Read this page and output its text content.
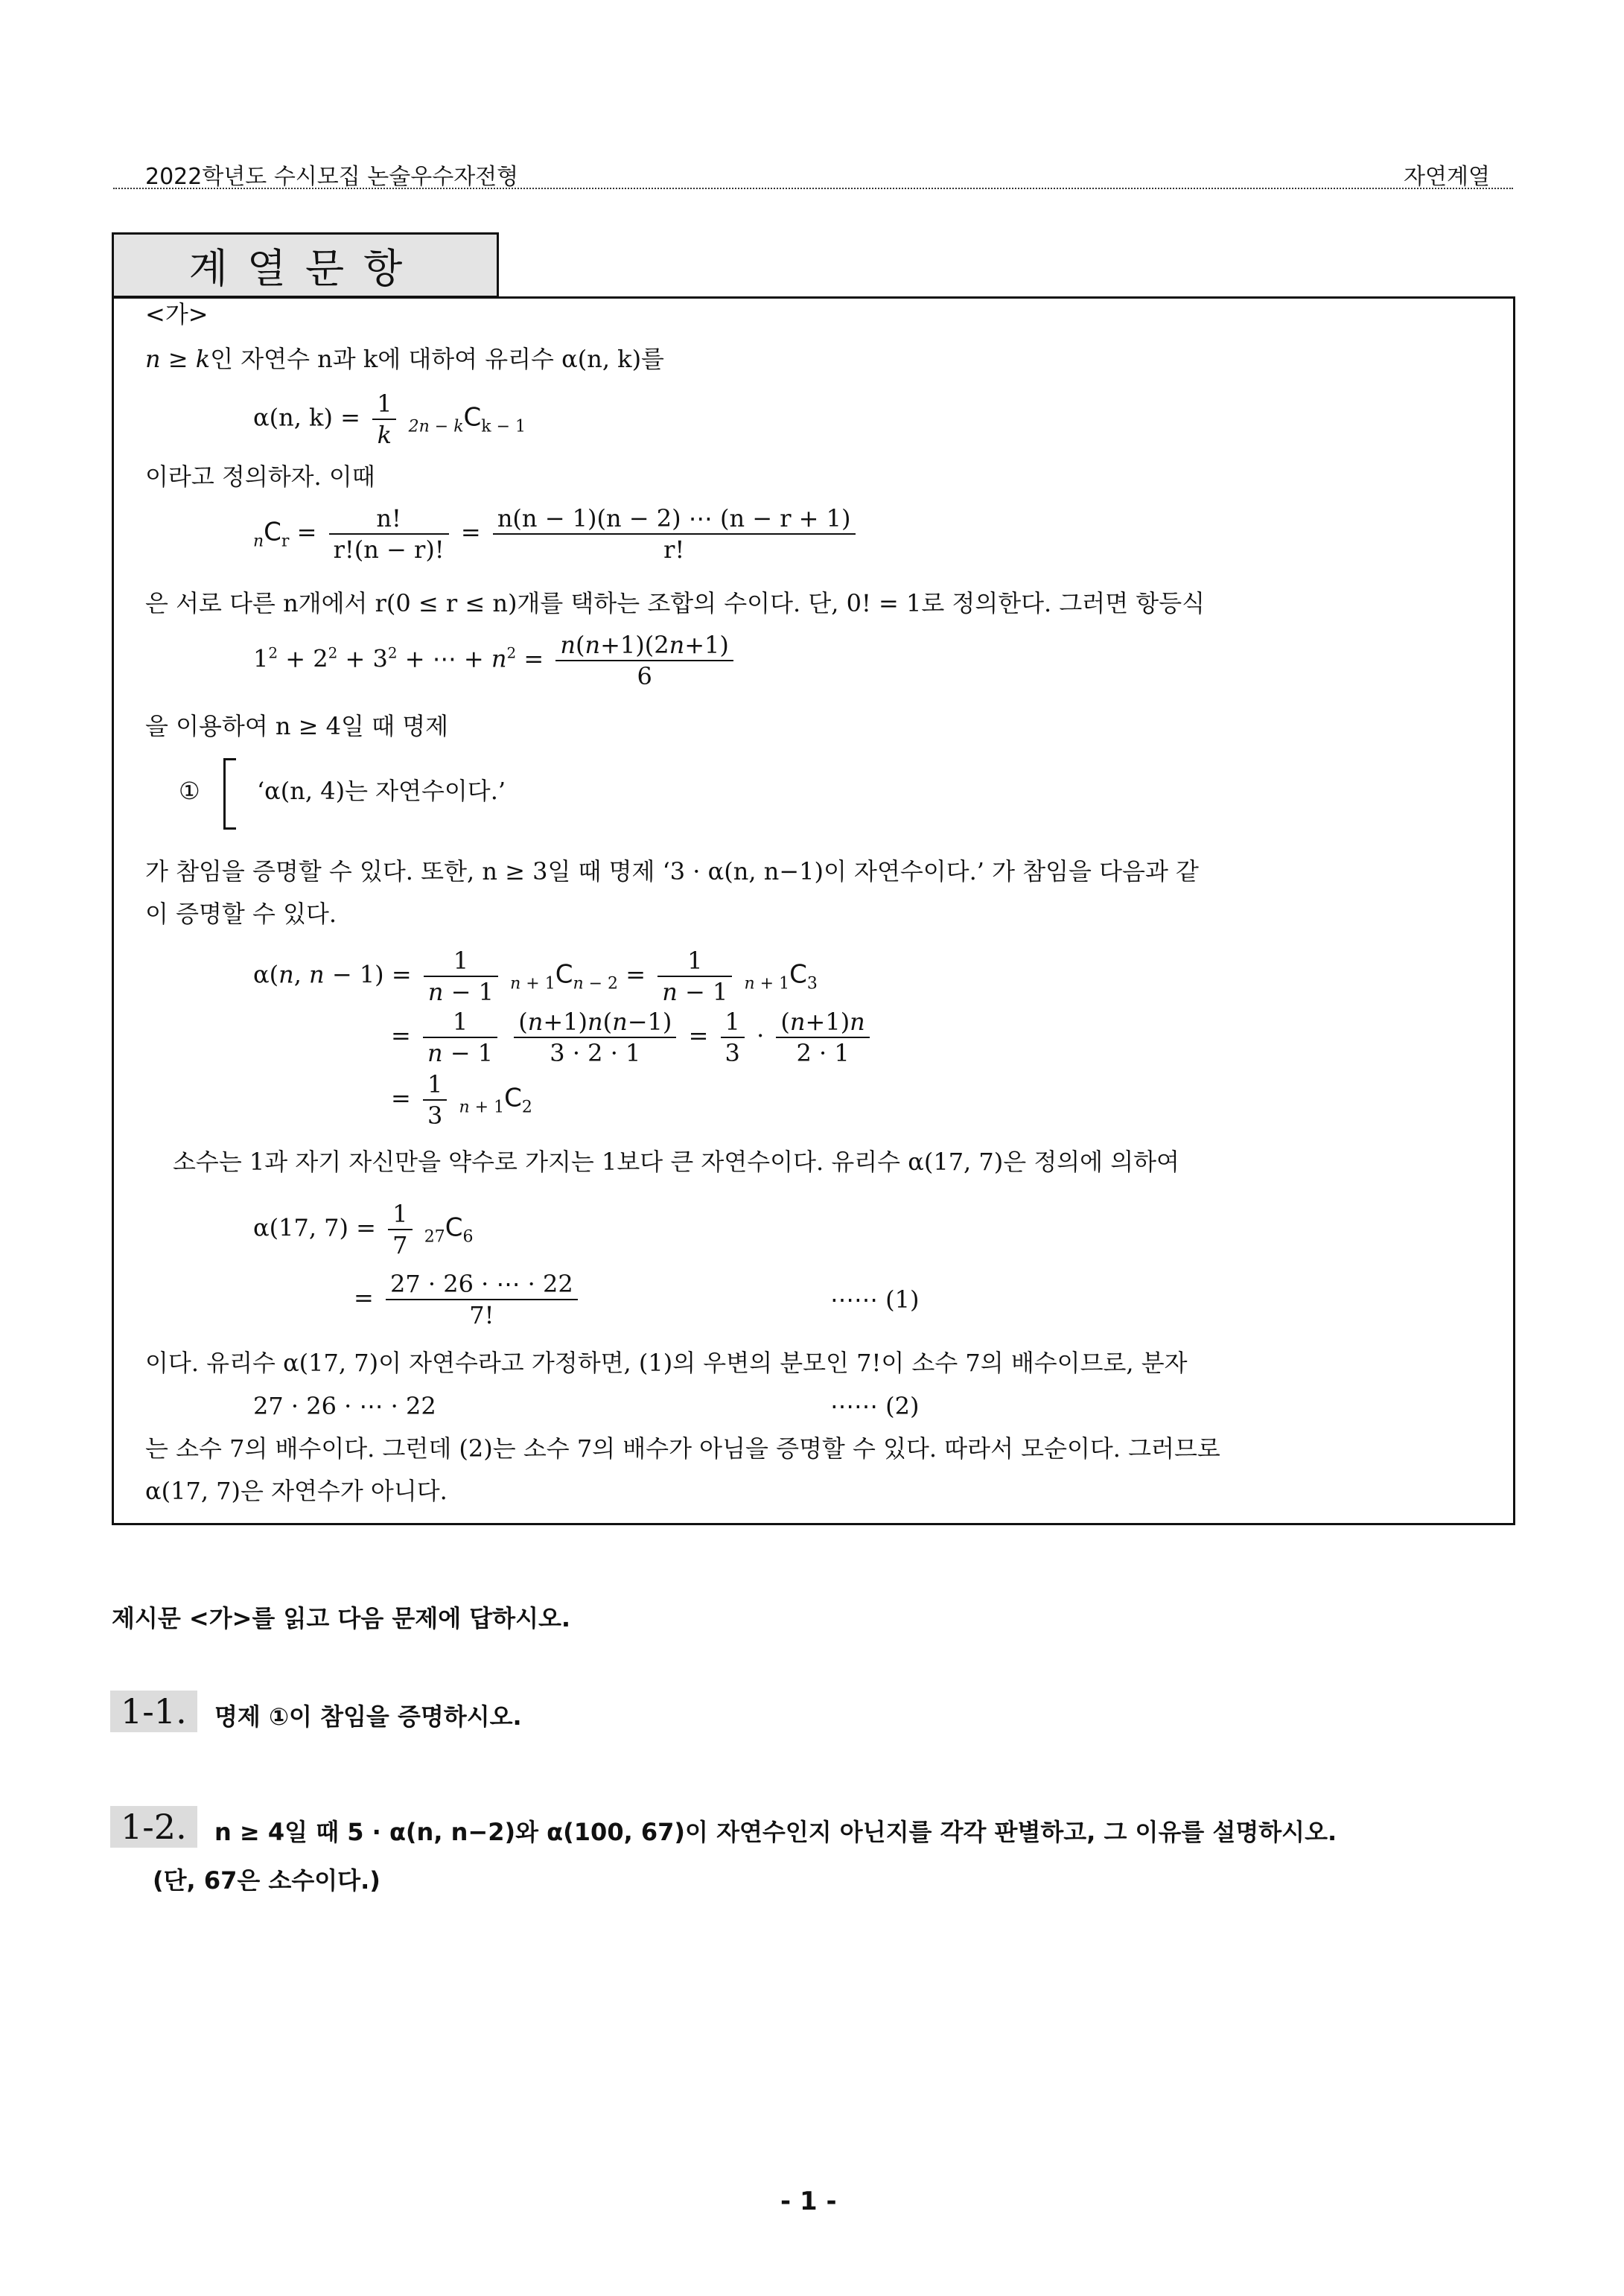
2022학년도 수시모집 논술우수자전형	자연계열
계열문항
<가>
n ≥ k인 자연수 n과 k에 대하여 유리수 α(n, k)를
α(n, $k) = \frac{1}{k} _{2n - k}C_{k - 1}$
이라고 정의하자. 이때
$_nC_r = \frac{n!}{r!(n - r)!} = \frac{n(n - 1)(n - 2) \cdots (n - r + 1)}{r!}$
은 서로 다른 n개에서 r(0 ≤ r ≤ n)개를 택하는 조합의 수이다. 단, 0! = 1로 정의한다. 그러면 항등식
$1^2 + 2^2 + 3^2$ + ⋯ + $n^2 = \frac{n(n+1)(2n+1)}{6}$
을 이용하여 n ≥ 4일 때 명제
① ‘α(n, 4)는 자연수이다.’
가 참임을 증명할 수 있다. 또한, n ≥ 3일 때 명제 ‘3 · α(n, n−1)이 자연수이다.’ 가 참임을 다음과 같
이 증명할 수 있다.
α(n, $n - 1) = \frac{1}{n - 1} _{n + 1}C_{n - 2} = \frac{1}{n - 1} _{n + 1}C_3$
= $\frac{1}{n - 1}$
$\frac{(n+1)n(n-1)}{3 \cdot 2 \cdot 1} = \frac{1}{3} \cdot \frac{(n+1)n}{2 \cdot 1}$
= $\frac{1}{3} _{n + 1}C_2$
소수는 1과 자기 자신만을 약수로 가지는 1보다 큰 자연수이다. 유리수 α(17, 7)은 정의에 의하여
α(17, $7) = \frac{1}{7} _{27}C_6$
= $\frac{27 \cdot 26 \cdot \cdots \cdot 22}{7!}$	⋯⋯ (1)
이다. 유리수 α(17, 7)이 자연수라고 가정하면, (1)의 우변의 분모인 7!이 소수 7의 배수이므로, 분자
27 · 26 · ⋯ · 22	⋯⋯ (2)
는 소수 7의 배수이다. 그런데 (2)는 소수 7의 배수가 아님을 증명할 수 있다. 따라서 모순이다. 그러므로
α(17, 7)은 자연수가 아니다.
제시문 <가>를 읽고 다음 문제에 답하시오.
1-1.	명제 ①이 참임을 증명하시오.
1-2.	n ≥ 4일 때 5 · α(n, n−2)와 α(100, 67)이 자연수인지 아닌지를 각각 판별하고, 그 이유를 설명하시오.
(단, 67은 소수이다.)
- 1 -
